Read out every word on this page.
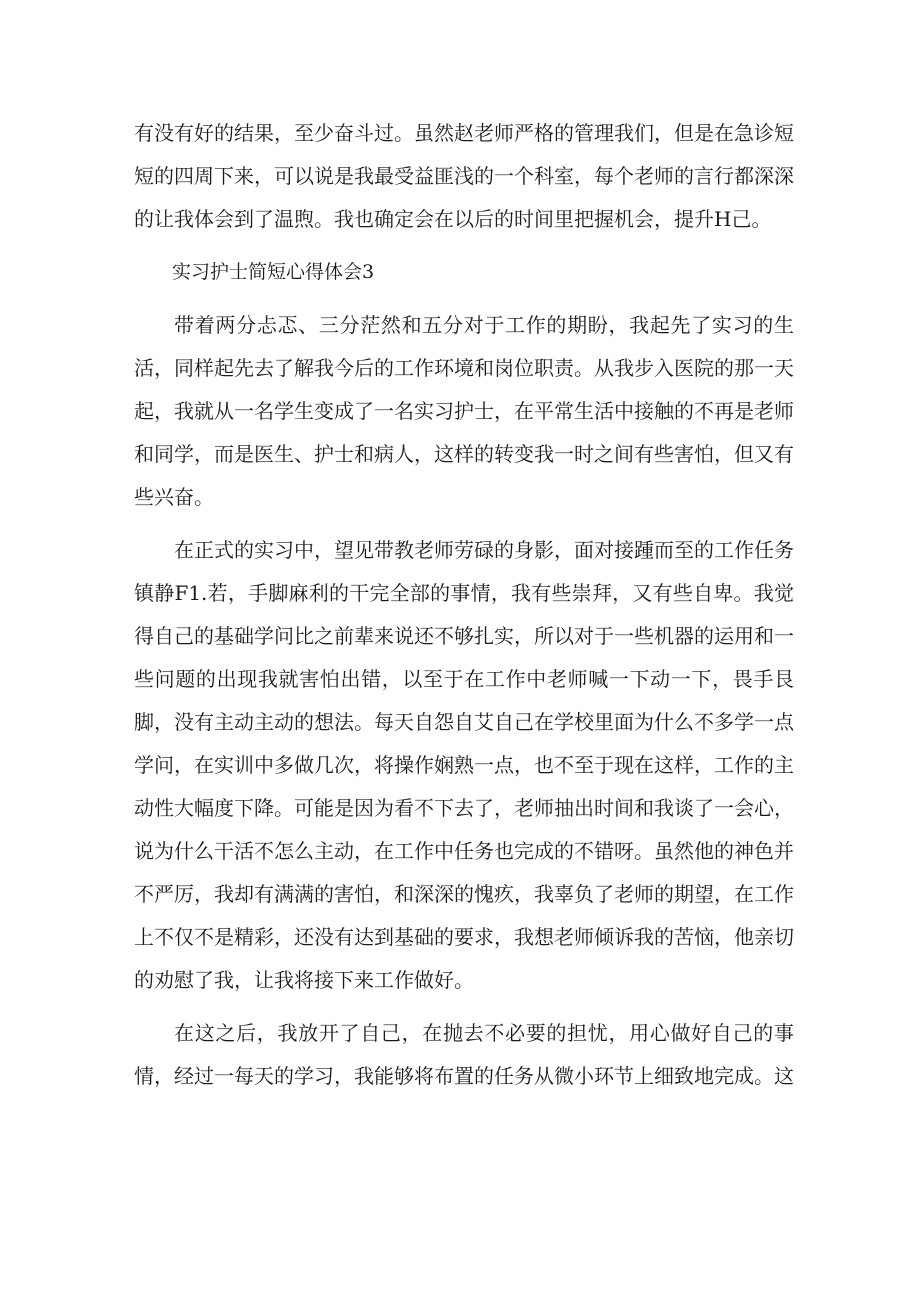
有没有好的结果，至少奋斗过。虽然赵老师严格的管理我们，但是在急诊短短的四周下来，可以说是我最受益匪浅的一个科室，每个老师的言行都深深的让我体会到了温煦。我也确定会在以后的时间里把握机会，提升H己。

实习护士简短心得体会3

带着两分忐忑、三分茫然和五分对于工作的期盼，我起先了实习的生活，同样起先去了解我今后的工作环境和岗位职责。从我步入医院的那一天起，我就从一名学生变成了一名实习护士，在平常生活中接触的不再是老师和同学，而是医生、护士和病人，这样的转变我一时之间有些害怕，但又有些兴奋。

在正式的实习中，望见带教老师劳碌的身影，面对接踵而至的工作任务镇静F1.若，手脚麻利的干完全部的事情，我有些崇拜，又有些自卑。我觉得自己的基础学问比之前辈来说还不够扎实，所以对于一些机器的运用和一些问题的出现我就害怕出错，以至于在工作中老师喊一下动一下，畏手艮脚，没有主动主动的想法。每天自怨自艾自己在学校里面为什么不多学一点学问，在实训中多做几次，将操作娴熟一点，也不至于现在这样，工作的主动性大幅度下降。可能是因为看不下去了，老师抽出时间和我谈了一会心，说为什么干活不怎么主动，在工作中任务也完成的不错呀。虽然他的神色并不严厉，我却有满满的害怕，和深深的愧疚，我辜负了老师的期望，在工作上不仅不是精彩，还没有达到基础的要求，我想老师倾诉我的苦恼，他亲切的劝慰了我，让我将接下来工作做好。

在这之后，我放开了自己，在抛去不必要的担忧，用心做好自己的事情，经过一每天的学习，我能够将布置的任务从微小环节上细致地完成。这
